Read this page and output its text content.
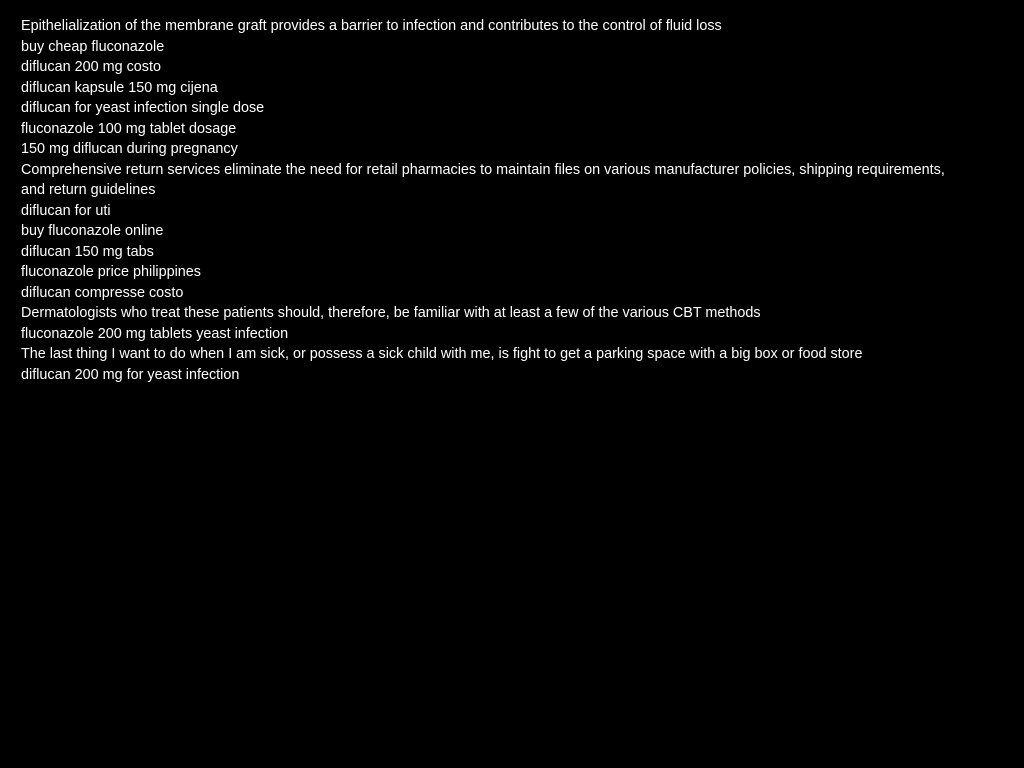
Epithelialization of the membrane graft provides a barrier to infection and contributes to the control of fluid loss
buy cheap fluconazole
diflucan 200 mg costo
diflucan kapsule 150 mg cijena
diflucan for yeast infection single dose
fluconazole 100 mg tablet dosage
150 mg diflucan during pregnancy
Comprehensive return services eliminate the need for retail pharmacies to maintain files on various manufacturer policies, shipping requirements, and return guidelines
diflucan for uti
buy fluconazole online
diflucan 150 mg tabs
fluconazole price philippines
diflucan compresse costo
Dermatologists who treat these patients should, therefore, be familiar with at least a few of the various CBT methods
fluconazole 200 mg tablets yeast infection
The last thing I want to do when I am sick, or possess a sick child with me, is fight to get a parking space with a big box or food store
diflucan 200 mg for yeast infection
